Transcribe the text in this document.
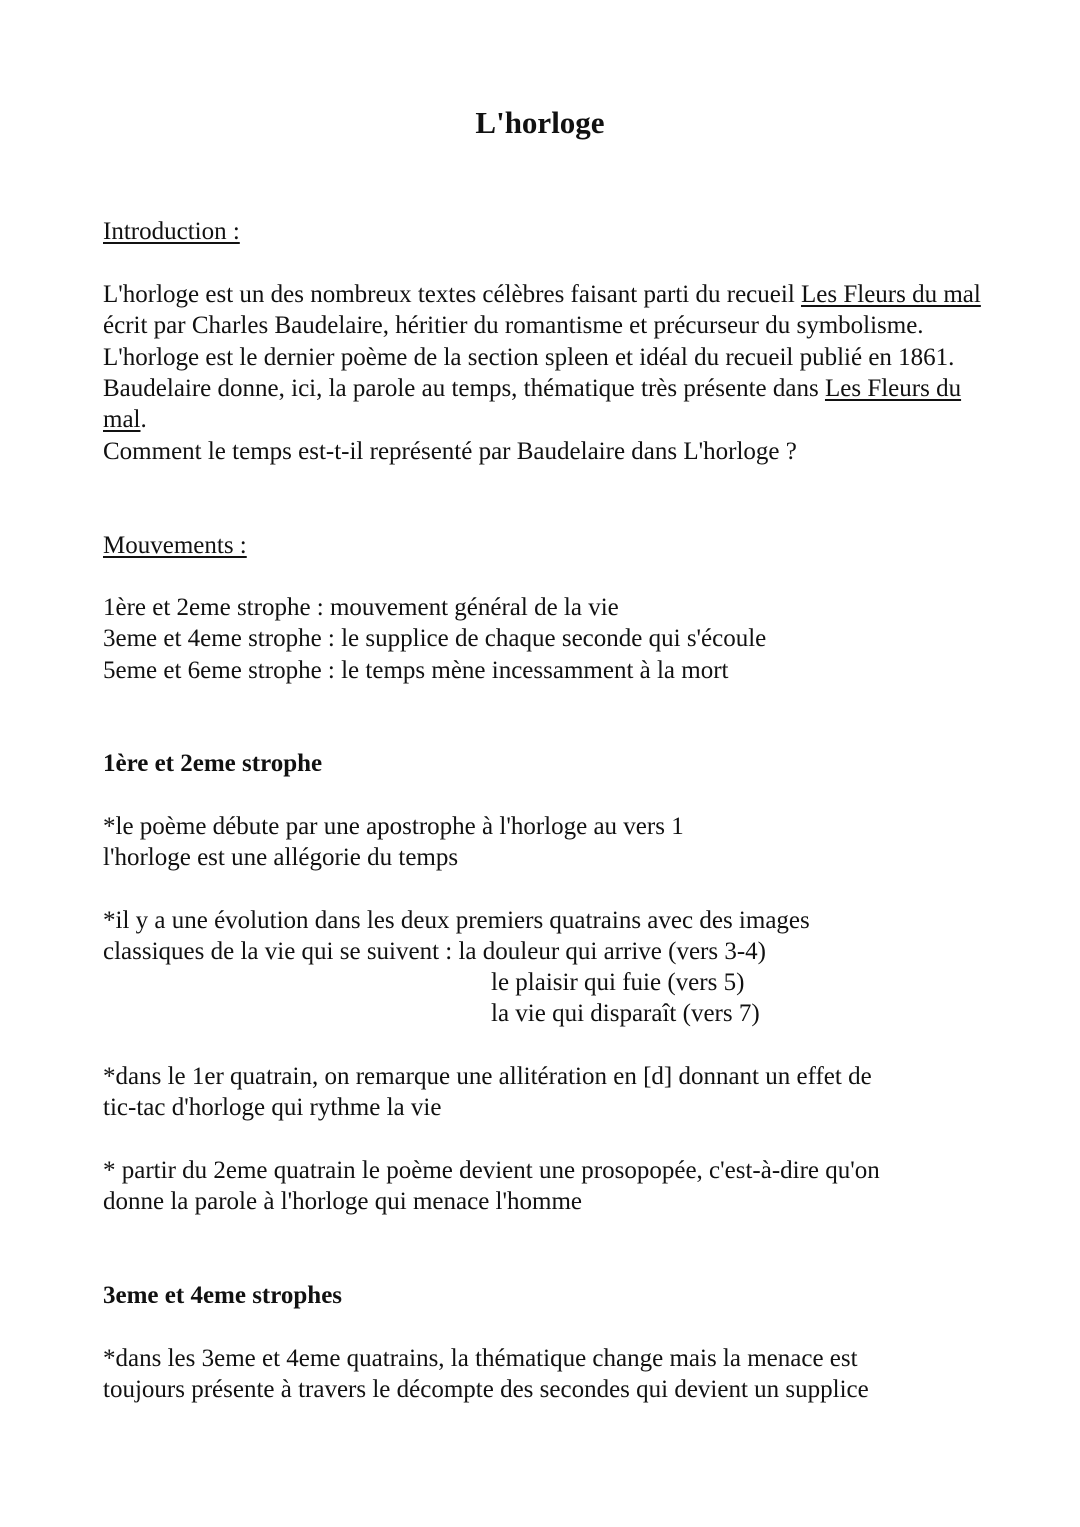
L'horloge

Introduction :

L'horloge est un des nombreux textes célèbres faisant parti du recueil Les Fleurs du mal écrit par Charles Baudelaire, héritier du romantisme et précurseur du symbolisme. L'horloge est le dernier poème de la section spleen et idéal du recueil publié en 1861. Baudelaire donne, ici, la parole au temps, thématique très présente dans Les Fleurs du mal.

Comment le temps est-t-il représenté par Baudelaire dans L'horloge ?

Mouvements :

1ère et 2eme strophe : mouvement général de la vie
3eme et 4eme strophe : le supplice de chaque seconde qui s'écoule
5eme et 6eme strophe : le temps mène incessamment à la mort

1ère et 2eme strophe

*le poème débute par une apostrophe à l'horloge au vers 1
l'horloge est une allégorie du temps
*il y a une évolution dans les deux premiers quatrains avec des images
classiques de la vie qui se suivent : la douleur qui arrive (vers 3-4)
le plaisir qui fuie (vers 5)
la vie qui disparaît (vers 7)
*dans le 1er quatrain, on remarque une allitération en [d] donnant un effet de
tic-tac d'horloge qui rythme la vie
* partir du 2eme quatrain le poème devient une prosopopée, c'est-à-dire qu'on
donne la parole à l'horloge qui menace l'homme

3eme et 4eme strophes

*dans les 3eme et 4eme quatrains, la thématique change mais la menace est
toujours présente à travers le décompte des secondes qui devient un supplice
